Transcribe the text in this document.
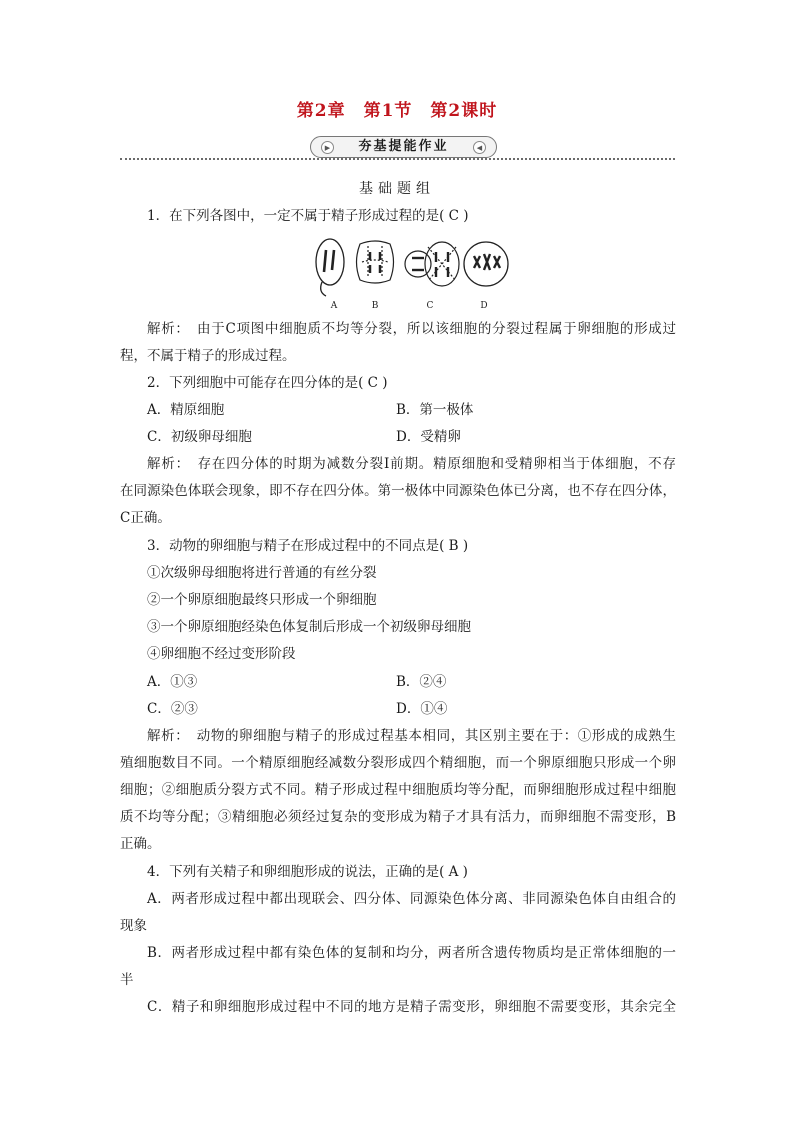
第2章　第1节　第2课时
▶ 夯基提能作业	◀
基础题组
1．在下列各图中，一定不属于精子形成过程的是( C )
A	B	C	D
解析：　由于C项图中细胞质不均等分裂，所以该细胞的分裂过程属于卵细胞的形成过
程，不属于精子的形成过程。
2．下列细胞中可能存在四分体的是( C )
A．精原细胞	B．第一极体
C．初级卵母细胞	D．受精卵
解析：　存在四分体的时期为减数分裂Ⅰ前期。精原细胞和受精卵相当于体细胞，不存
在同源染色体联会现象，即不存在四分体。第一极体中同源染色体已分离，也不存在四分体，
C正确。
3．动物的卵细胞与精子在形成过程中的不同点是( B )
①次级卵母细胞将进行普通的有丝分裂
②一个卵原细胞最终只形成一个卵细胞
③一个卵原细胞经染色体复制后形成一个初级卵母细胞
④卵细胞不经过变形阶段
A．①③	B．②④
C．②③	D．①④
解析：　动物的卵细胞与精子的形成过程基本相同，其区别主要在于：①形成的成熟生
殖细胞数目不同。一个精原细胞经减数分裂形成四个精细胞，而一个卵原细胞只形成一个卵
细胞；②细胞质分裂方式不同。精子形成过程中细胞质均等分配，而卵细胞形成过程中细胞
质不均等分配；③精细胞必须经过复杂的变形成为精子才具有活力，而卵细胞不需变形，B
正确。
4．下列有关精子和卵细胞形成的说法，正确的是( A )
A．两者形成过程中都出现联会、四分体、同源染色体分离、非同源染色体自由组合的
现象
B．两者形成过程中都有染色体的复制和均分，两者所含遗传物质均是正常体细胞的一
半
C．精子和卵细胞形成过程中不同的地方是精子需变形，卵细胞不需要变形，其余完全
